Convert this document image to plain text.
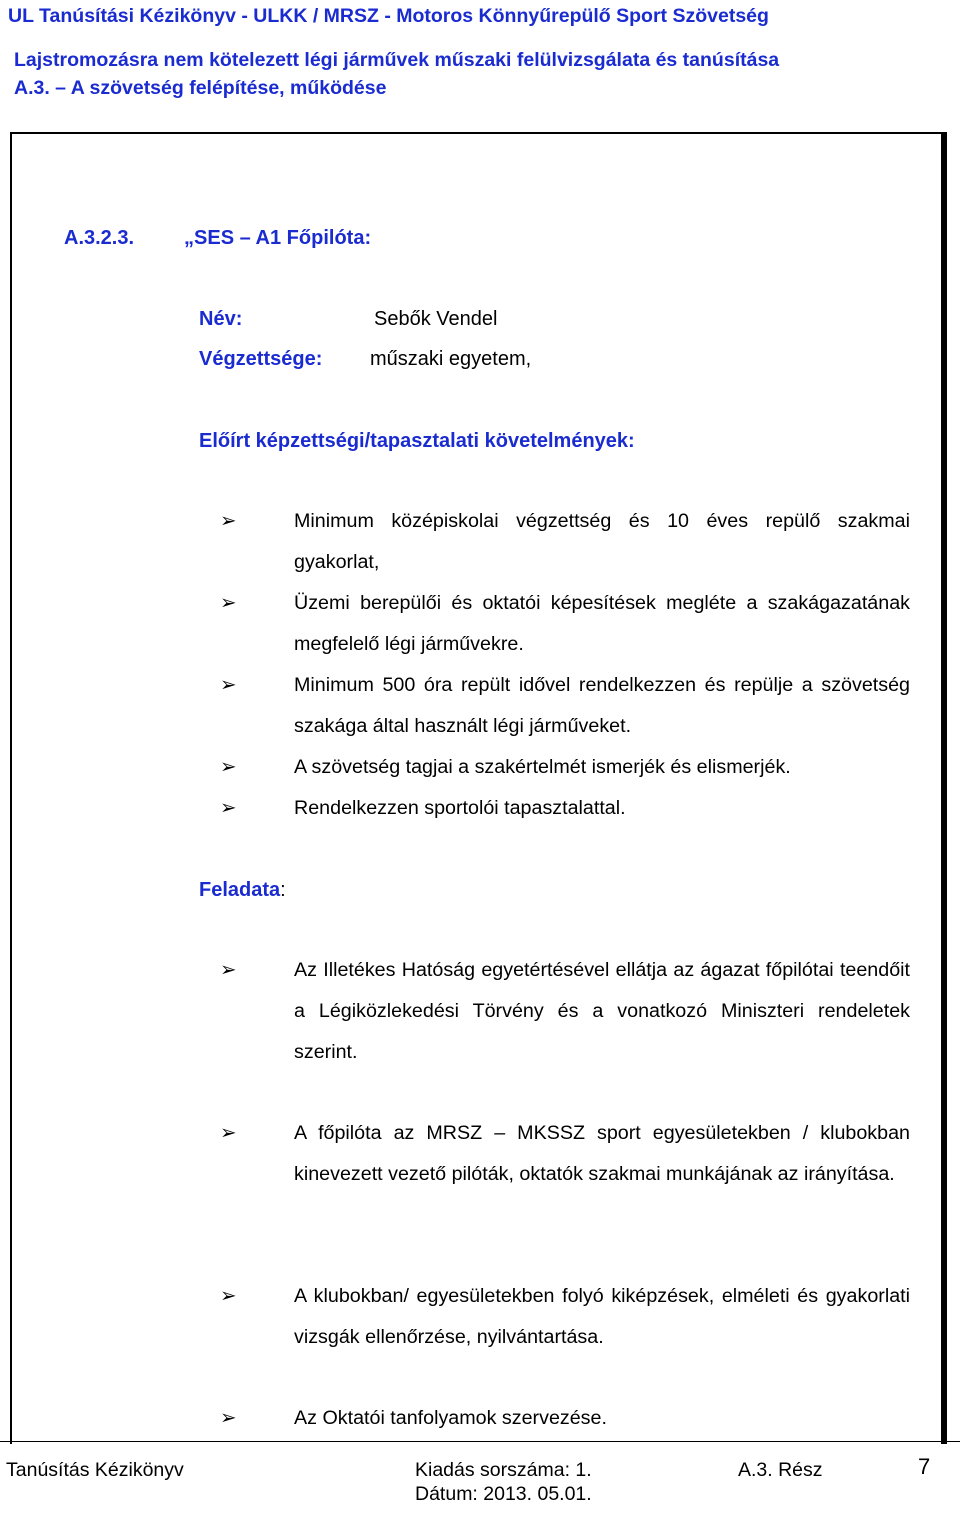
UL Tanúsítási Kézikönyv - ULKK / MRSZ - Motoros Könnyűrepülő Sport Szövetség
Lajstromozásra nem kötelezett légi járművek műszaki felülvizsgálata és tanúsítása
A.3. – A szövetség felépítése, működése
A.3.2.3.	„SES – A1 Főpilóta:
Név:	Sebők Vendel
Végzettsége: műszaki egyetem,
Előírt képzettségi/tapasztalati követelmények:
➢	Minimum középiskolai végzettség és 10 éves repülő szakmai gyakorlat,
➢	Üzemi berepülői és oktatói képesítések megléte a szakágazatának megfelelő légi járművekre.
➢	Minimum 500 óra repült idővel rendelkezzen és repülje a szövetség szakága által használt légi járműveket.
➢	A szövetség tagjai a szakértelmét ismerjék és elismerjék.
➢	Rendelkezzen sportolói tapasztalattal.
Feladata:
➢	Az Illetékes Hatóság egyetértésével ellátja az ágazat főpilótai teendőit a Légiközlekedési Törvény és a vonatkozó Miniszteri rendeletek szerint.
➢	A főpilóta az MRSZ – MKSSZ sport egyesületekben / klubokban kinevezett vezető pilóták, oktatók szakmai munkájának az irányítása.
➢	A klubokban/ egyesületekben folyó kiképzések, elméleti és gyakorlati vizsgák ellenőrzése, nyilvántartása.
➢	Az Oktatói tanfolyamok szervezése.
Tanúsítás Kézikönyv	Kiadás sorszáma: 1.
Dátum: 2013. 05.01.
A.3. Rész	7
